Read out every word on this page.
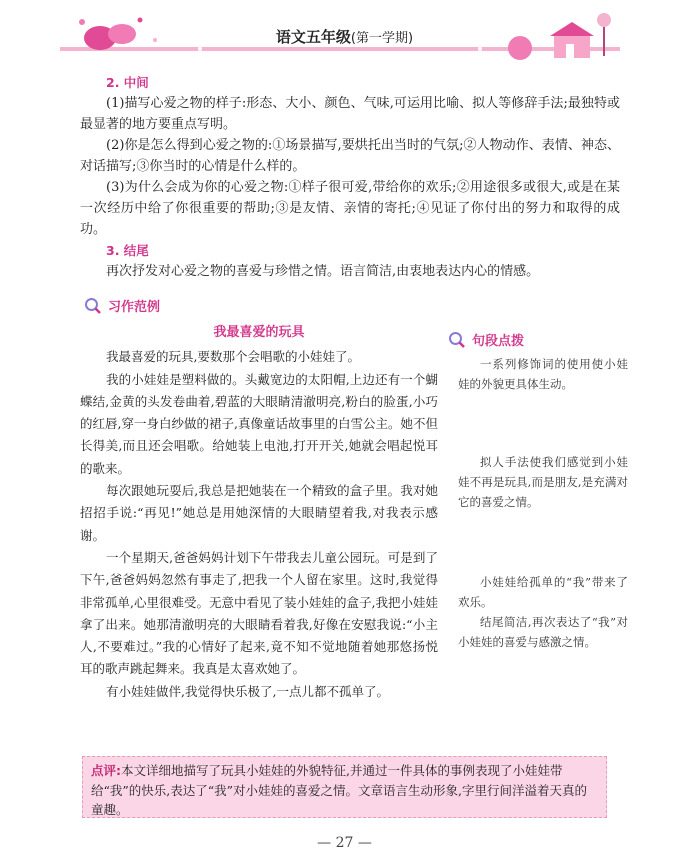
语文五年级(第一学期)
2. 中间

(1)描写心爱之物的样子:形态、大小、颜色、气味,可运用比喻、拟人等修辞手法;最独特或最显著的地方要重点写明。

(2)你是怎么得到心爱之物的:①场景描写,要烘托出当时的气氛;②人物动作、表情、神态、对话描写;③你当时的心情是什么样的。

(3)为什么会成为你的心爱之物:①样子很可爱,带给你的欢乐;②用途很多或很大,或是在某一次经历中给了你很重要的帮助;③是友情、亲情的寄托;④见证了你付出的努力和取得的成功。

3. 结尾

再次抒发对心爱之物的喜爱与珍惜之情。语言简洁,由衷地表达内心的情感。

习作范例
句段点拨
我最喜爱的玩具

我最喜爱的玩具,要数那个会唱歌的小娃娃了。

我的小娃娃是塑料做的。头戴宽边的太阳帽,上边还有一个蝴蝶结,金黄的头发卷曲着,碧蓝的大眼睛清澈明亮,粉白的脸蛋,小巧的红唇,穿一身白纱做的裙子,真像童话故事里的白雪公主。她不但长得美,而且还会唱歌。给她装上电池,打开开关,她就会唱起悦耳的歌来。

每次跟她玩耍后,我总是把她装在一个精致的盒子里。我对她招招手说:“再见!”她总是用她深情的大眼睛望着我,对我表示感谢。

一个星期天,爸爸妈妈计划下午带我去儿童公园玩。可是到了下午,爸爸妈妈忽然有事走了,把我一个人留在家里。这时,我觉得非常孤单,心里很难受。无意中看见了装小娃娃的盒子,我把小娃娃拿了出来。她那清澈明亮的大眼睛看着我,好像在安慰我说:“小主人,不要难过。”我的心情好了起来,竟不知不觉地随着她那悠扬悦耳的歌声跳起舞来。我真是太喜欢她了。

有小娃娃做伴,我觉得快乐极了,一点儿都不孤单了。

一系列修饰词的使用使小娃娃的外貌更具体生动。

拟人手法使我们感觉到小娃娃不再是玩具,而是朋友,是充满对它的喜爱之情。

小娃娃给孤单的“我”带来了欢乐。

结尾简洁,再次表达了“我”对小娃娃的喜爱与感激之情。

点评:本文详细地描写了玩具小娃娃的外貌特征,并通过一件具体的事例表现了小娃娃带给“我”的快乐,表达了“我”对小娃娃的喜爱之情。文章语言生动形象,字里行间洋溢着天真的童趣。
— 27 —
